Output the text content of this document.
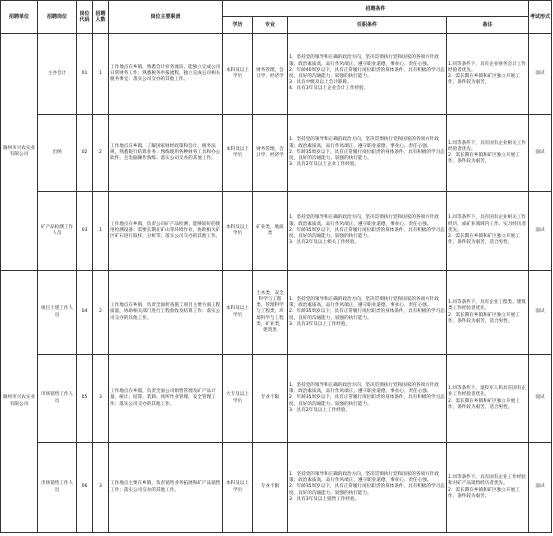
招聘单位	招聘岗位	岗位代码	招聘人数	岗位主要职责	招聘条件				考试形式
					学历	专业	任职条件	备注	
滁州市兴农实业有限公司	主办会计	01	1	工作地点在乡镇，熟悉会计业务流向，能独立完成公司日常财务工作；熟悉税务申报流程，独立完成公司相关税务事宜；落实公司交办的其他工作。	本科及以上学历	财务管理，会计学，经济学	1．坚持党的领导和正确的政治方向，坚决贯彻执行党和国家的各项方针政策；政治素质高，品行作风端正，遵守职业道德，事业心、责任心强。
2．年龄40周岁以下，具有正常履行岗位职责的身体条件，具有积极的学习态度，良好的沟通能力、较强的执行能力。
3．具有中级及以上会计职称。
4．具有3年及以上企业会计工作经验。	1.同等条件下，具有企业财务会计工作经验者优先。
2．需长期在乡镇和矿区独立开展工作，条件较为艰苦。	面试
	出纳	02	2	工作地点在乡镇，了解国家财经政策和会计、税务法规，熟悉银行结算业务；熟练使用各种财务工具和办公软件，且电脑操作熟练；落实公司交办的其他工作。	本科及以上学历	财务管理，会计学，经济学	1．坚持党的领导和正确的政治方向，坚决贯彻执行党和国家的各项方针政策；政治素质高，品行作风端正，遵守职业道德，事业心、责任心强。
2．年龄35周岁以下，具有正常履行岗位职责的身体条件，具有积极的学习态度，良好的沟通能力、较强的执行能力。
3．具有2年及以上企业工作经验。	1.同等条件下，具有国有企业相关工作经验者优先。
2．需长期在乡镇和矿区独立开展工作，条件较为艰苦。	面试
	矿产品检测工作人员	03	1	工作地点在乡镇，负责公司矿产品检测；能够较好的使用检测设备；需要长期在矿山等环境作业，协助相关矿区矿石进行取样、分析等；落实公司交办的其他工作。	本科及以上学历	矿业类，地质类	1．坚持党的领导和正确的政治方向，坚决贯彻执行党和国家的各项方针政策；政治素质高，品行作风端正，遵守职业道德，事业心、责任心强。
2．年龄35周岁以下，具有正常履行岗位职责的身体条件，具有积极的学习态度，良好的沟通能力、较强的执行能力。
3．具有2年及以上相关工作经验。	1.同等条件下，具有国有企业相关工作经历，或矿业领域内工作、实习经历者优先。
2．需长期在乡镇和矿区独立开展工作，条件较为艰苦，适合男性。	面试
滁州市兴农实业有限公司	项目土建工作人员	04	2	工作地点在乡镇，负责全面检查施工项目主要方面工程质量，协助相关部门进行工程验收及结算工作；落实公司交办的其他工作。	本科及以上学历	土木类，安全科学与工程类，管理科学与工程类，环境科学与工程类，矿业类，建筑类	1．坚持党的领导和正确的政治方向，坚决贯彻执行党和国家的各项方针政策；政治素质高，品行作风端正，遵守职业道德，事业心、责任心强。
2．年龄35周岁以下，具有正常履行岗位职责的身体条件，具有积极的学习态度，良好的沟通能力、较强的执行能力。
3．具有3年及以上工作经验。	1.同等条件下，具有企业工程类、建筑类工作经验者优先。
2．需长期在乡镇和矿区独立开展工作，条件较为艰苦，适合男性。	面试
	市场销售工作人员	05	3	工作地点在乡镇，负责全面公司销售管理及矿产品计量、统计、结算、装卸、场所作业管理，安全管理工作；落实公司交办的其他工作。	大专及以上学历	专业不限	1．坚持党的领导和正确的政治方向，坚决贯彻执行党和国家的各项方针政策；政治素质高，品行作风端正，遵守职业道德，事业心、责任心强。
2．年龄35周岁以下，具有正常履行岗位职责的身体条件，具有积极的学习态度，良好的沟通能力、较强的执行能力。
3．具有2年及以上工作经验。	1.同等条件下，退役军人和具有国有企业工作经验者优先。
2．需长期在乡镇和矿区独立开展工作，条件较为艰苦，适合男性。	面试
	市场销售工作人员	06	3	工作地点主要在乡镇，负责销售业务拓展和矿产品销售工作；落实公司交办的其他工作。	本科及以上学历	专业不限	1．坚持党的领导和正确的政治方向，坚决贯彻执行党和国家的各项方针政策；政治素质高，品行作风端正，遵守职业道德，事业心、责任心强。
2．年龄35周岁以下，具有正常履行岗位职责的身体条件，具有积极的学习态度，良好的沟通能力、较强的执行能力。
3．具有3年及以上销售工作经验。	1.同等条件下，具有国有企业工作经验和对矿产品销售经历者优先。
2．需长期在乡镇和矿区独立开展工作，条件较为艰苦。	面试
